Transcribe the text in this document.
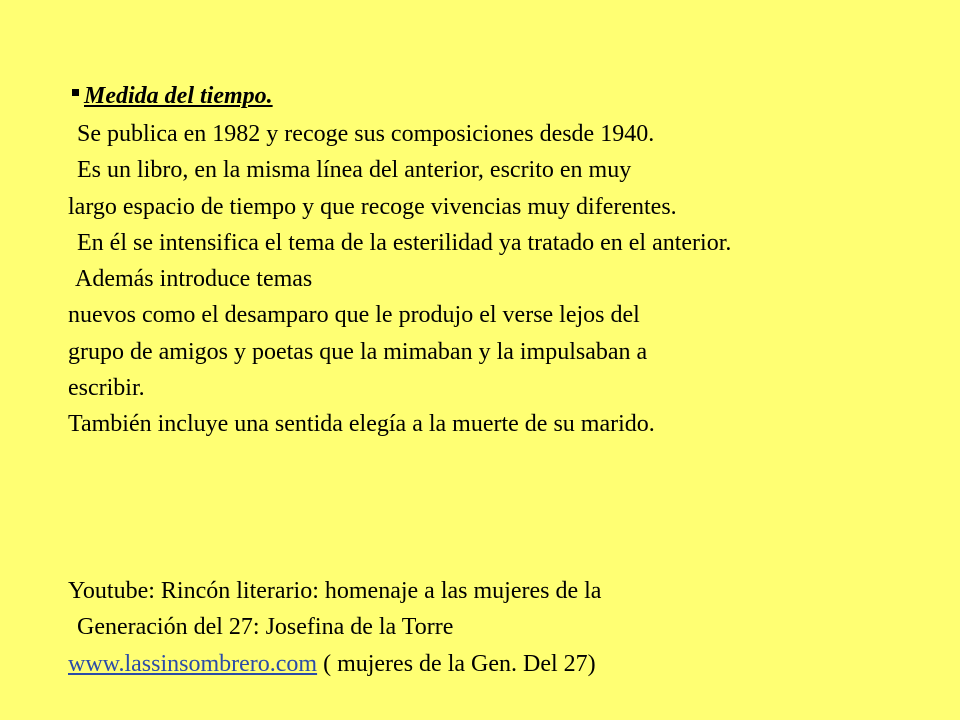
Medida del tiempo.
Se publica en 1982 y recoge sus composiciones desde 1940.
Es un libro, en la misma línea del anterior, escrito en muy
largo espacio de tiempo y que recoge vivencias muy diferentes.
En él se intensifica el tema de la esterilidad ya tratado en el anterior.
Además introduce temas
nuevos como el desamparo que le produjo el verse lejos del
grupo de amigos y poetas que la mimaban y la impulsaban a
escribir.
También incluye una sentida elegía a la muerte de su marido.
Youtube: Rincón literario: homenaje a las mujeres de la
Generación del 27: Josefina de la Torre
www.lassinsombrero.com ( mujeres de la Gen. Del 27)
